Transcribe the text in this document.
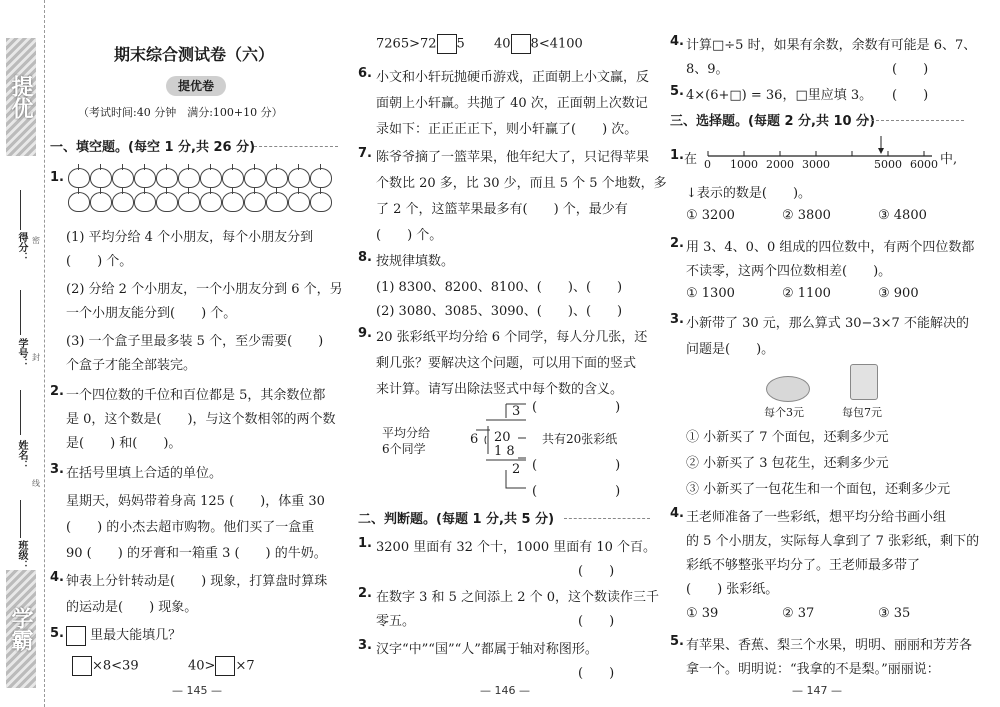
提优
得分： 密
学号： 封
姓名：
线
班级：
学霸
期末综合测试卷（六）
提优卷
（考试时间:40 分钟　满分:100+10 分）
一、填空题。(每空 1 分,共 26 分)
1.
(1) 平均分给 4 个小朋友，每个小朋友分到
(　　) 个。
(2) 分给 2 个小朋友，一个小朋友分到 6 个，另
一个小朋友能分到(　　) 个。
(3) 一个盒子里最多装 5 个，至少需要(　　)
个盒子才能全部装完。
2. 一个四位数的千位和百位都是 5，其余数位都
是 0，这个数是(　　)，与这个数相邻的两个数
是(　　) 和(　　)。
3. 在括号里填上合适的单位。
星期天，妈妈带着身高 125 (　　)，体重 30
(　　) 的小杰去超市购物。他们买了一盒重
90 (　　) 的牙膏和一箱重 3 (　　) 的牛奶。
4. 钟表上分针转动是(　　) 现象，打算盘时算珠
的运动是(　　) 现象。
5.	里最大能填几？
×8<39	40> ×7
— 145 —
7265>72 5 40 8<4100
6. 小文和小轩玩抛硬币游戏，正面朝上小文赢，反
面朝上小轩赢。共抛了 40 次，正面朝上次数记
录如下：正正正正下，则小轩赢了(　　) 次。
7. 陈爷爷摘了一篮苹果，他年纪大了，只记得苹果
个数比 20 多，比 30 少，而且 5 个 5 个地数，多
了 2 个，这篮苹果最多有(　　) 个，最少有
(　　) 个。
8. 按规律填数。
(1) 8300、8200、8100、(　　)、(　　)
(2) 3080、3085、3090、(　　)、(　　)
9. 20 张彩纸平均分给 6 个同学，每人分几张，还
剩几张？要解决这个问题，可以用下面的竖式
来计算。请写出除法竖式中每个数的含义。
平均分给
6个同学
3
6 20
1 8
2
共有20张彩纸
(　　　　　　)
(　　　　　　)
(　　　　　　)
二、判断题。(每题 1 分,共 5 分)
1. 3200 里面有 32 个十，1000 里面有 10 个百。
(　　)
2. 在数字 3 和 5 之间添上 2 个 0，这个数读作三千
零五。	(　　)
3. 汉字“中”“国”“人”都属于轴对称图形。
(　　)
— 146 —
4. 计算□÷5 时，如果有余数，余数有可能是 6、7、
8、9。	(　　)
5. 4×(6+□) = 36，□里应填 3。 (　　)
三、选择题。(每题 2 分,共 10 分)
1. 在 0 1000 2000 3000	5000 6000 中,
↓表示的数是(　　)。
① 3200	② 3800	③ 4800
2. 用 3、4、0、0 组成的四位数中，有两个四位数都
不读零，这两个四位数相差(　　)。
① 1300	② 1100	③ 900
3. 小新带了 30 元，那么算式 30−3×7 不能解决的
问题是(　　)。
每个3元	每包7元
① 小新买了 7 个面包，还剩多少元
② 小新买了 3 包花生，还剩多少元
③ 小新买了一包花生和一个面包，还剩多少元
4. 王老师准备了一些彩纸，想平均分给书画小组
的 5 个小朋友，实际每人拿到了 7 张彩纸，剩下的
彩纸不够整张平均分了。王老师最多带了
(　　) 张彩纸。
① 39	② 37	③ 35
5. 有苹果、香蕉、梨三个水果，明明、丽丽和芳芳各
拿一个。明明说：“我拿的不是梨。”丽丽说：
— 147 —
